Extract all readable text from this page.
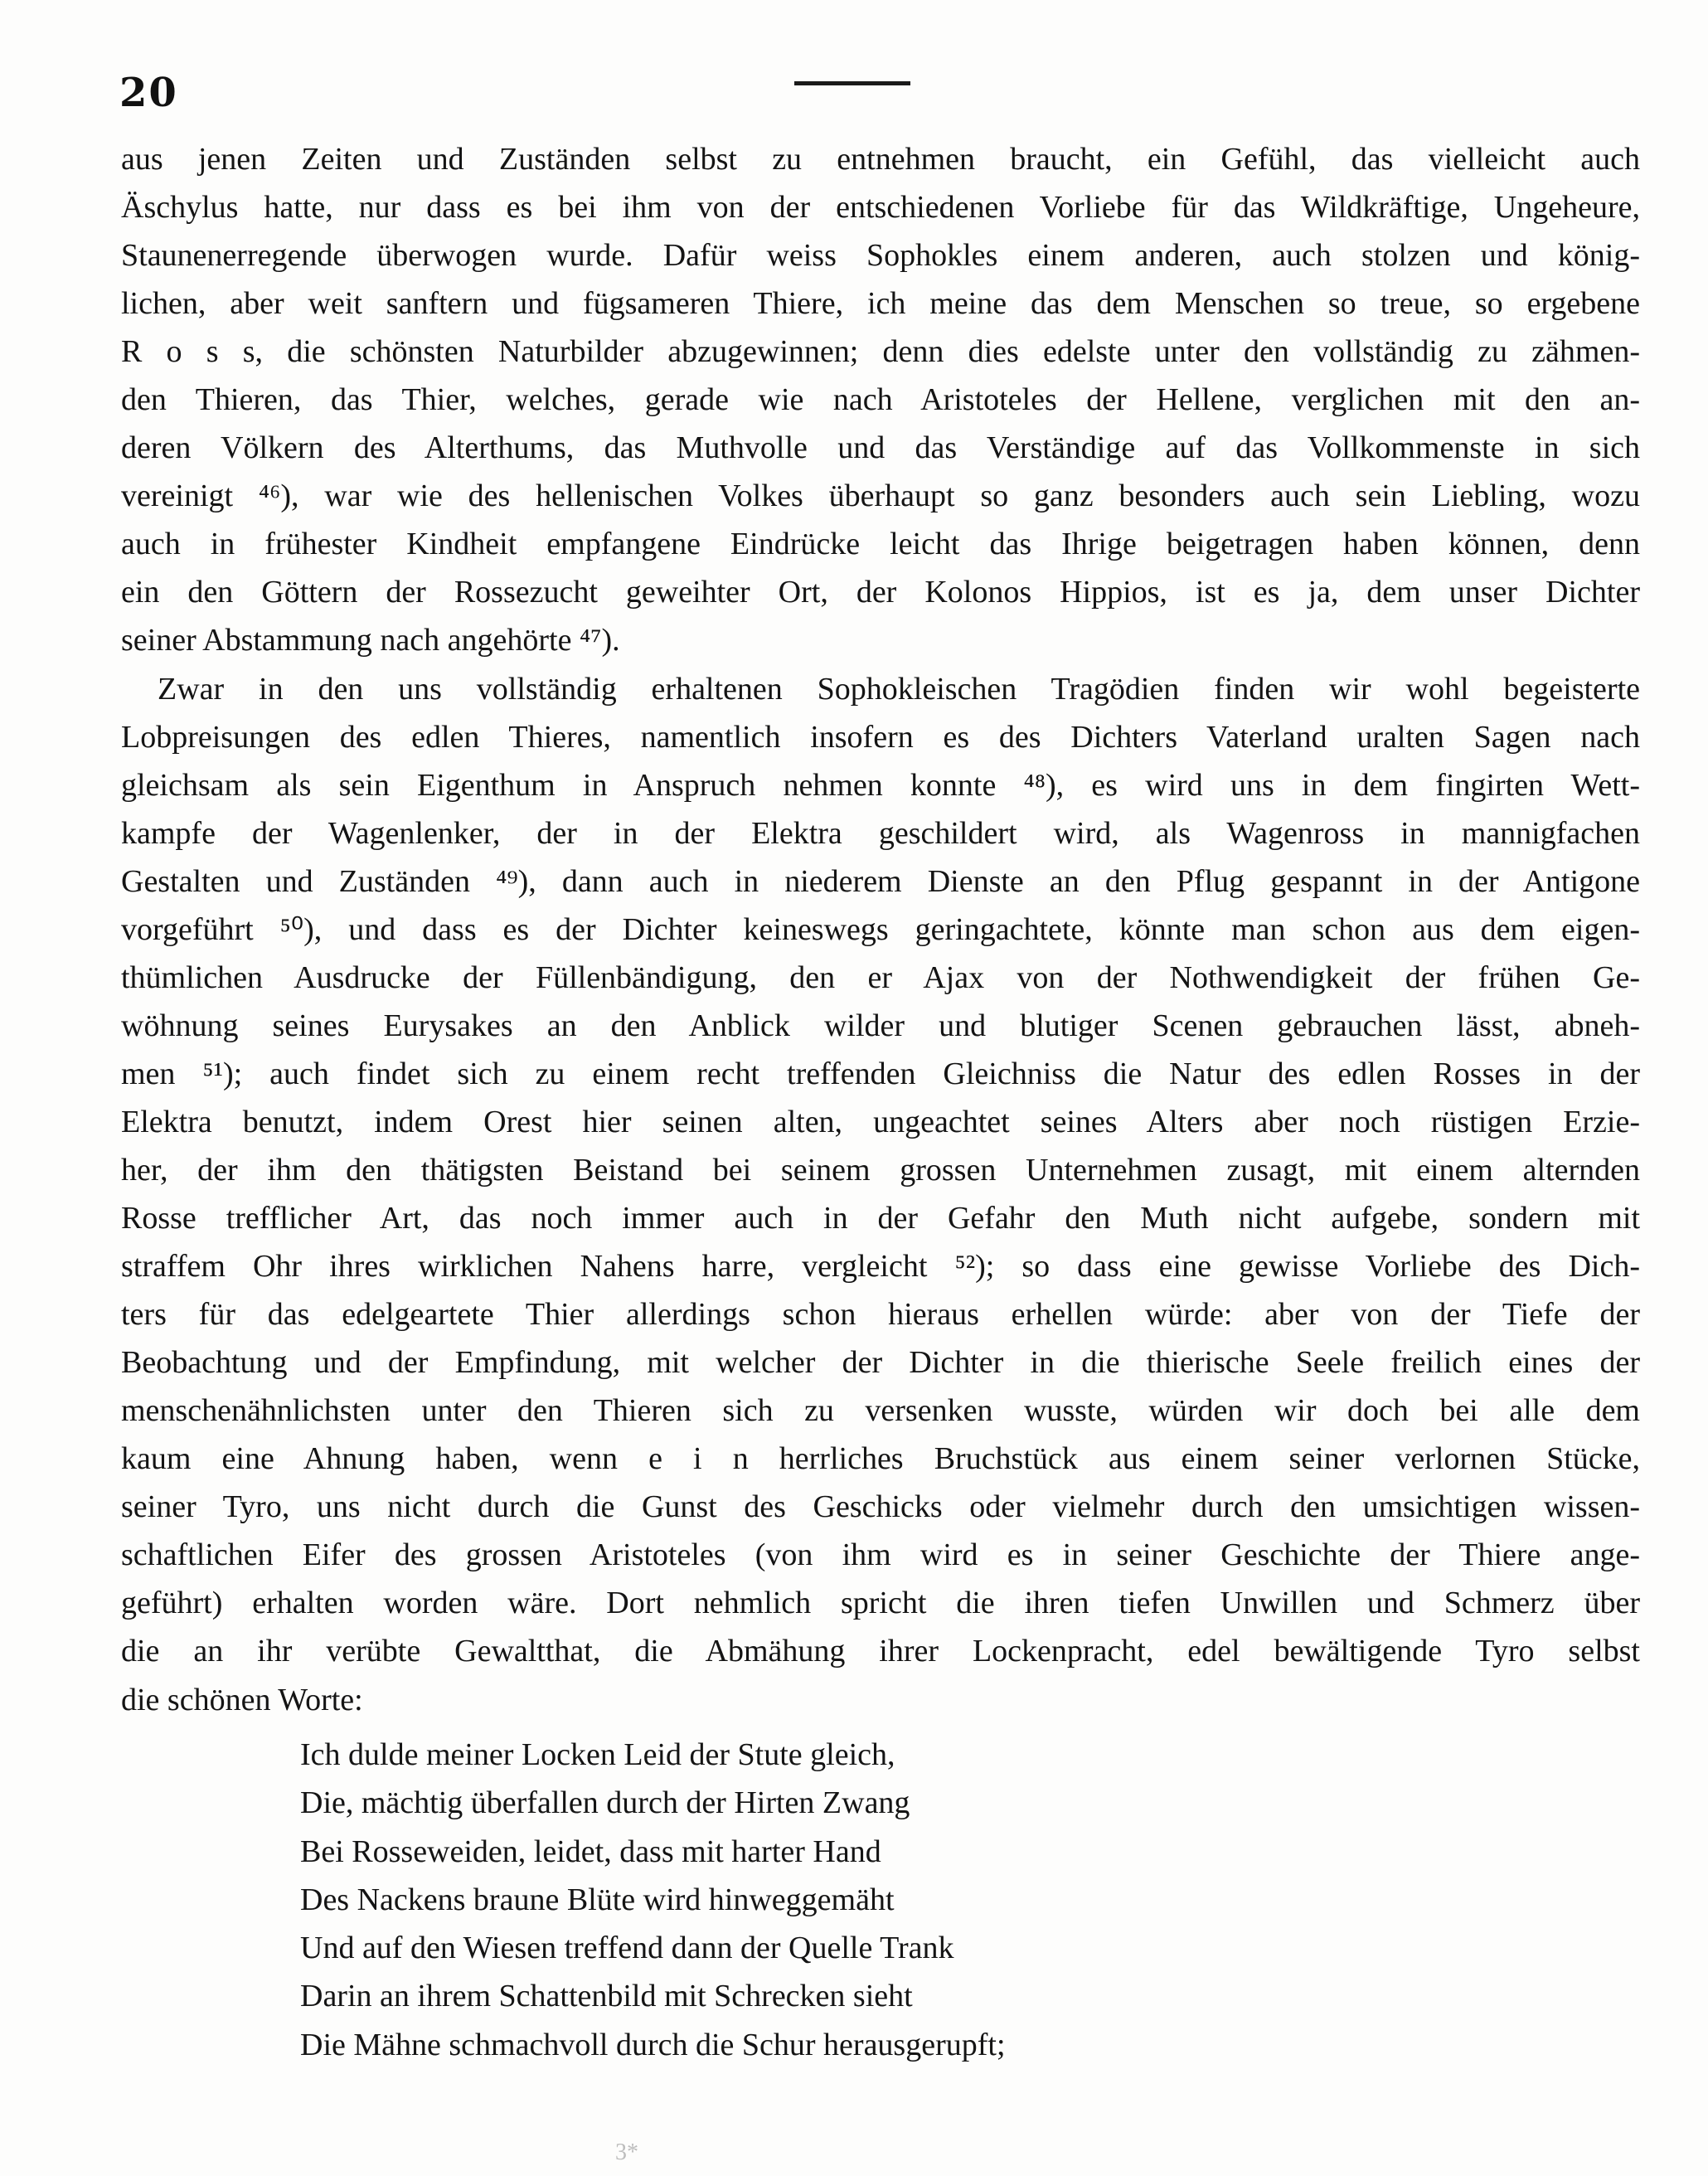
20
aus jenen Zeiten und Zuständen selbst zu entnehmen braucht, ein Gefühl, das vielleicht auch
Äschylus hatte, nur dass es bei ihm von der entschiedenen Vorliebe für das Wildkräftige, Ungeheure,
Staunenerregende überwogen wurde. Dafür weiss Sophokles einem anderen, auch stolzen und könig-
lichen, aber weit sanftern und fügsameren Thiere, ich meine das dem Menschen so treue, so ergebene
R o s s, die schönsten Naturbilder abzugewinnen; denn dies edelste unter den vollständig zu zähmen-
den Thieren, das Thier, welches, gerade wie nach Aristoteles der Hellene, verglichen mit den an-
deren Völkern des Alterthums, das Muthvolle und das Verständige auf das Vollkommenste in sich
vereinigt ⁴⁶), war wie des hellenischen Volkes überhaupt so ganz besonders auch sein Liebling, wozu
auch in frühester Kindheit empfangene Eindrücke leicht das Ihrige beigetragen haben können, denn
ein den Göttern der Rossezucht geweihter Ort, der Kolonos Hippios, ist es ja, dem unser Dichter
seiner Abstammung nach angehörte ⁴⁷).
Zwar in den uns vollständig erhaltenen Sophokleischen Tragödien finden wir wohl begeisterte
Lobpreisungen des edlen Thieres, namentlich insofern es des Dichters Vaterland uralten Sagen nach
gleichsam als sein Eigenthum in Anspruch nehmen konnte ⁴⁸), es wird uns in dem fingirten Wett-
kampfe der Wagenlenker, der in der Elektra geschildert wird, als Wagenross in mannigfachen
Gestalten und Zuständen ⁴⁹), dann auch in niederem Dienste an den Pflug gespannt in der Antigone
vorgeführt ⁵⁰), und dass es der Dichter keineswegs geringachtete, könnte man schon aus dem eigen-
thümlichen Ausdrucke der Füllenbändigung, den er Ajax von der Nothwendigkeit der frühen Ge-
wöhnung seines Eurysakes an den Anblick wilder und blutiger Scenen gebrauchen lässt, abneh-
men ⁵¹); auch findet sich zu einem recht treffenden Gleichniss die Natur des edlen Rosses in der
Elektra benutzt, indem Orest hier seinen alten, ungeachtet seines Alters aber noch rüstigen Erzie-
her, der ihm den thätigsten Beistand bei seinem grossen Unternehmen zusagt, mit einem alternden
Rosse trefflicher Art, das noch immer auch in der Gefahr den Muth nicht aufgebe, sondern mit
straffem Ohr ihres wirklichen Nahens harre, vergleicht ⁵²); so dass eine gewisse Vorliebe des Dich-
ters für das edelgeartete Thier allerdings schon hieraus erhellen würde: aber von der Tiefe der
Beobachtung und der Empfindung, mit welcher der Dichter in die thierische Seele freilich eines der
menschenähnlichsten unter den Thieren sich zu versenken wusste, würden wir doch bei alle dem
kaum eine Ahnung haben, wenn e i n herrliches Bruchstück aus einem seiner verlornen Stücke,
seiner Tyro, uns nicht durch die Gunst des Geschicks oder vielmehr durch den umsichtigen wissen-
schaftlichen Eifer des grossen Aristoteles (von ihm wird es in seiner Geschichte der Thiere ange-
geführt) erhalten worden wäre. Dort nehmlich spricht die ihren tiefen Unwillen und Schmerz über
die an ihr verübte Gewaltthat, die Abmähung ihrer Lockenpracht, edel bewältigende Tyro selbst
die schönen Worte:
Ich dulde meiner Locken Leid der Stute gleich,
Die, mächtig überfallen durch der Hirten Zwang
Bei Rosseweiden, leidet, dass mit harter Hand
Des Nackens braune Blüte wird hinweggemäht
Und auf den Wiesen treffend dann der Quelle Trank
Darin an ihrem Schattenbild mit Schrecken sieht
Die Mähne schmachvoll durch die Schur herausgerupft;
3*
